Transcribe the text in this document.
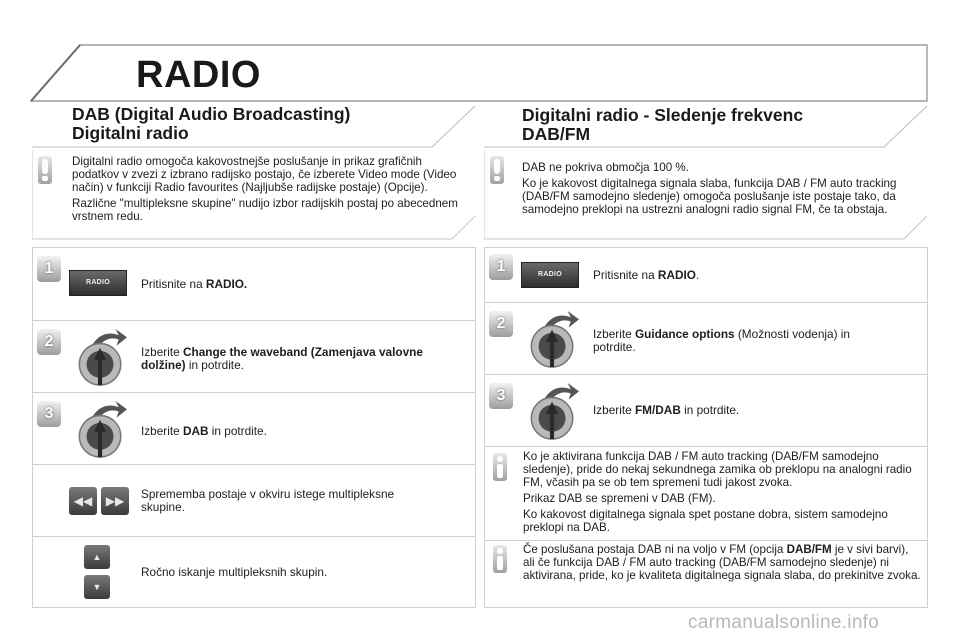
RADIO
DAB (Digital Audio Broadcasting)
Digitalni radio

Digitalni radio omogoča kakovostnejše poslušanje in prikaz grafičnih podatkov v zvezi z izbrano radijsko postajo, če izberete Video mode (Video način) v funkciji Radio favourites (Najljubše radijske postaje) (Opcije).

Različne "multipleksne skupine" nudijo izbor radijskih postaj po abecednem vrstnem redu.

1
RADIO	Pritisnite na RADIO.
2
Izberite Change the waveband (Zamenjava valovne dolžine) in potrdite.
3
Izberite DAB in potrdite.
◀◀	▶▶	Sprememba postaje v okviru istege multipleksne skupine.
▲
▼
Ročno iskanje multipleksnih skupin.
Digitalni radio - Sledenje frekvenc
DAB/FM

DAB ne pokriva območja 100 %.

Ko je kakovost digitalnega signala slaba, funkcija DAB / FM auto tracking (DAB/FM samodejno sledenje) omogoča poslušanje iste postaje tako, da samodejno preklopi na ustrezni analogni radio signal FM, če ta obstaja.

1	RADIO	Pritisnite na RADIO.
2
Izberite Guidance options (Možnosti vodenja) in potrdite.
3
Izberite FM/DAB in potrdite.

Ko je aktivirana funkcija DAB / FM auto tracking (DAB/FM samodejno sledenje), pride do nekaj sekundnega zamika ob preklopu na analogni radio FM, včasih pa se ob tem spremeni tudi jakost zvoka.

Prikaz DAB se spremeni v DAB (FM).

Ko kakovost digitalnega signala spet postane dobra, sistem samodejno preklopi na DAB.

Če poslušana postaja DAB ni na voljo v FM (opcija DAB/FM je v sivi barvi), ali če funkcija DAB / FM auto tracking (DAB/FM samodejno sledenje) ni aktivirana, pride, ko je kvaliteta digitalnega signala slaba, do prekinitve zvoka.

carmanualsonline.info
